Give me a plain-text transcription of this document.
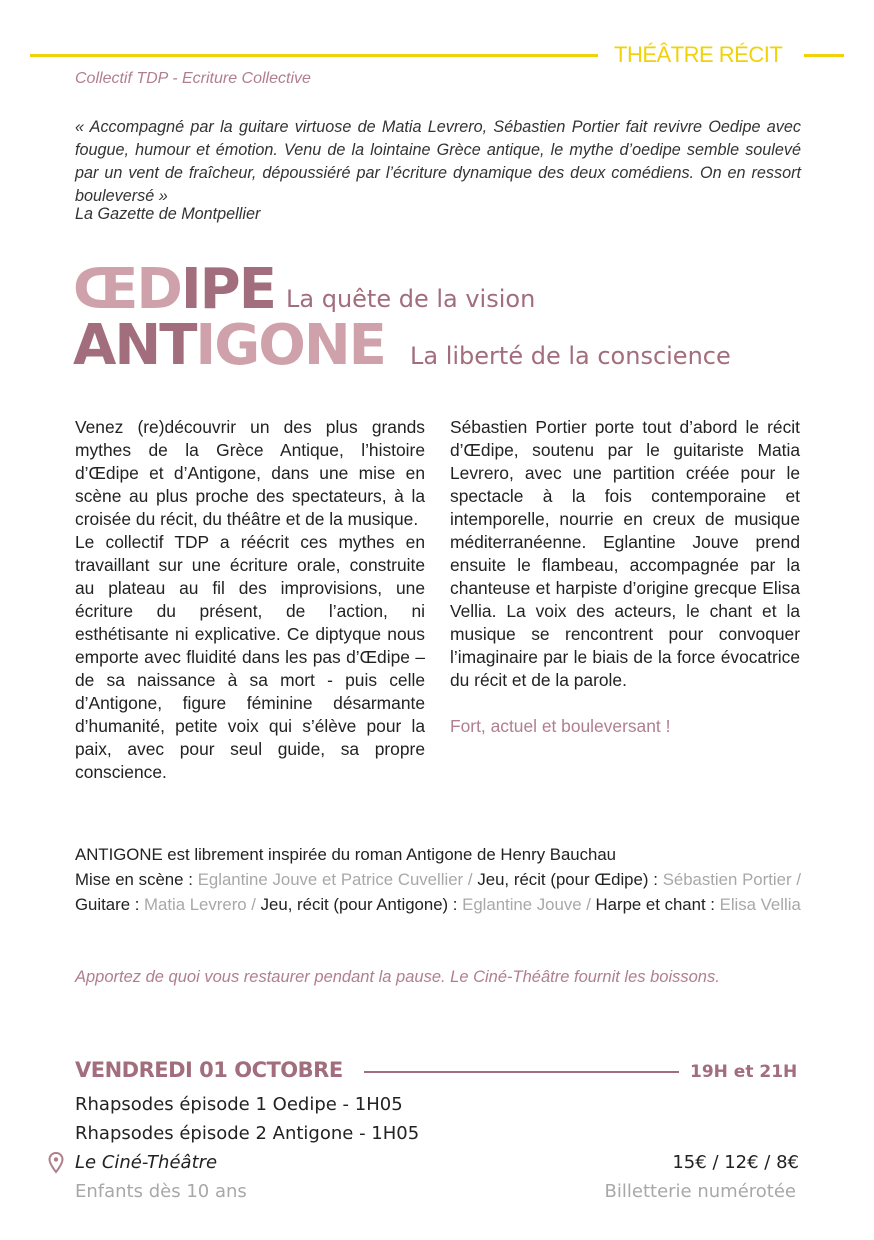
THÉÂTRE RÉCIT
Collectif TDP - Ecriture Collective
« Accompagné par la guitare virtuose de Matia Levrero, Sébastien Portier fait revivre Oedipe avec fougue, humour et émotion. Venu de la lointaine Grèce antique, le mythe d’oedipe semble soulevé par un vent de fraîcheur, dépoussiéré par l’écriture dynamique des deux comédiens. On en ressort bouleversé »
La Gazette de Montpellier
ŒDIPE La quête de la vision
ANTIGONE La liberté de la conscience

Venez (re)découvrir un des plus grands mythes de la Grèce Antique, l’histoire d’Œdipe et d’Antigone, dans une mise en scène au plus proche des spectateurs, à la croisée du récit, du théâtre et de la musique.

Le collectif TDP a réécrit ces mythes en travaillant sur une écriture orale, construite au plateau au fil des improvisions, une écriture du présent, de l’action, ni esthétisante ni explicative. Ce diptyque nous emporte avec fluidité dans les pas d’Œdipe – de sa naissance à sa mort - puis celle d’Antigone, figure féminine désarmante d’humanité, petite voix qui s’élève pour la paix, avec pour seul guide, sa propre conscience.

Sébastien Portier porte tout d’abord le récit d’Œdipe, soutenu par le guitariste Matia Levrero, avec une partition créée pour le spectacle à la fois contemporaine et intemporelle, nourrie en creux de musique méditerranéenne. Eglantine Jouve prend ensuite le flambeau, accompagnée par la chanteuse et harpiste d’origine grecque Elisa Vellia. La voix des acteurs, le chant et la musique se rencontrent pour convoquer l’imaginaire par le biais de la force évocatrice du récit et de la parole.

Fort, actuel et bouleversant !

ANTIGONE est librement inspirée du roman Antigone de Henry Bauchau
Mise en scène : Eglantine Jouve et Patrice Cuvellier / Jeu, récit (pour Œdipe) : Sébastien Portier / Guitare : Matia Levrero / Jeu, récit (pour Antigone) : Eglantine Jouve / Harpe et chant : Elisa Vellia
Apportez de quoi vous restaurer pendant la pause. Le Ciné-Théâtre fournit les boissons.
VENDREDI 01 OCTOBRE	19H et 21H
Rhapsodes épisode 1 Oedipe - 1H05
Rhapsodes épisode 2 Antigone - 1H05
Le Ciné-Théâtre	15€ / 12€ / 8€
Enfants dès 10 ans	Billetterie numérotée
